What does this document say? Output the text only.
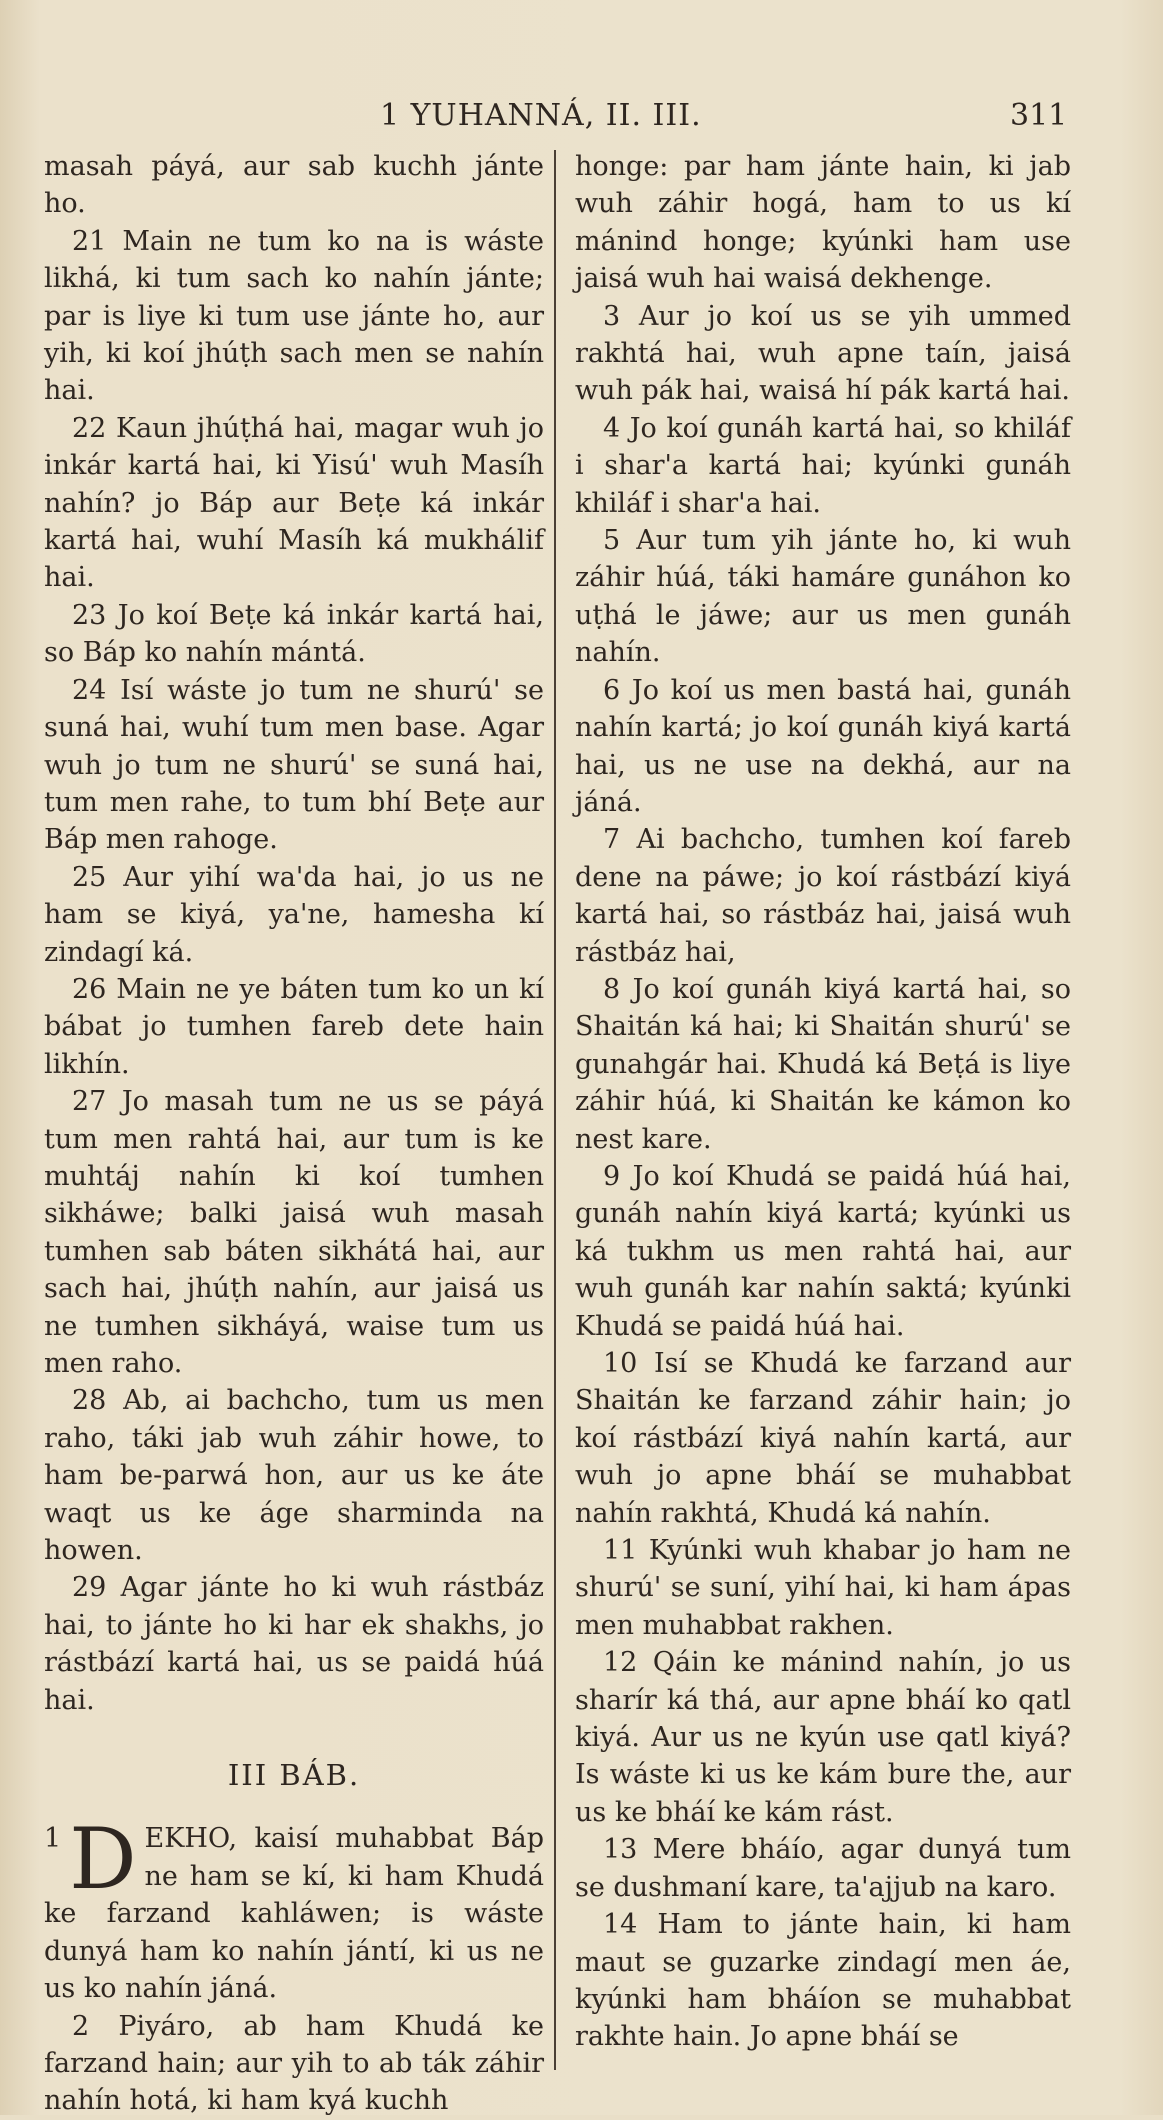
1 YUHANNÁ, II. III.	311

masah páyá, aur sab kuchh jánte ho.

21 Main ne tum ko na is wáste likhá, ki tum sach ko nahín jánte; par is liye ki tum use jánte ho, aur yih, ki koí jhúṭh sach men se nahín hai.

22 Kaun jhúṭhá hai, magar wuh jo inkár kartá hai, ki Yisú' wuh Masíh nahín? jo Báp aur Beṭe ká inkár kartá hai, wuhí Masíh ká mukhálif hai.

23 Jo koí Beṭe ká inkár kartá hai, so Báp ko nahín mántá.

24 Isí wáste jo tum ne shurú' se suná hai, wuhí tum men base. Agar wuh jo tum ne shurú' se suná hai, tum men rahe, to tum bhí Beṭe aur Báp men rahoge.

25 Aur yihí wa'da hai, jo us ne ham se kiyá, ya'ne, hamesha kí zindagí ká.

26 Main ne ye báten tum ko un kí bábat jo tumhen fareb dete hain likhín.

27 Jo masah tum ne us se páyá tum men rahtá hai, aur tum is ke muhtáj nahín ki koí tumhen sikháwe; balki jaisá wuh masah tumhen sab báten sikhátá hai, aur sach hai, jhúṭh nahín, aur jaisá us ne tumhen sikháyá, waise tum us men raho.

28 Ab, ai bachcho, tum us men raho, táki jab wuh záhir howe, to ham be-parwá hon, aur us ke áte waqt us ke áge sharminda na howen.

29 Agar jánte ho ki wuh rástbáz hai, to jánte ho ki har ek shakhs, jo rástbází kartá hai, us se paidá húá hai.

III BÁB.

1 D EKHO, kaisí muhabbat Báp ne ham se kí, ki ham Khudá ke farzand kahláwen; is wáste dunyá ham ko nahín jántí, ki us ne us ko nahín jáná.

2 Piyáro, ab ham Khudá ke farzand hain; aur yih to ab ták záhir nahín hotá, ki ham kyá kuchh

honge: par ham jánte hain, ki jab wuh záhir hogá, ham to us kí mánind honge; kyúnki ham use jaisá wuh hai waisá dekhenge.

3 Aur jo koí us se yih ummed rakhtá hai, wuh apne taín, jaisá wuh pák hai, waisá hí pák kartá hai.

4 Jo koí gunáh kartá hai, so khiláf i shar'a kartá hai; kyúnki gunáh khiláf i shar'a hai.

5 Aur tum yih jánte ho, ki wuh záhir húá, táki hamáre gunáhon ko uṭhá le jáwe; aur us men gunáh nahín.

6 Jo koí us men bastá hai, gunáh nahín kartá; jo koí gunáh kiyá kartá hai, us ne use na dekhá, aur na jáná.

7 Ai bachcho, tumhen koí fareb dene na páwe; jo koí rástbází kiyá kartá hai, so rástbáz hai, jaisá wuh rástbáz hai,

8 Jo koí gunáh kiyá kartá hai, so Shaitán ká hai; ki Shaitán shurú' se gunahgár hai. Khudá ká Beṭá is liye záhir húá, ki Shaitán ke kámon ko nest kare.

9 Jo koí Khudá se paidá húá hai, gunáh nahín kiyá kartá; kyúnki us ká tukhm us men rahtá hai, aur wuh gunáh kar nahín saktá; kyúnki Khudá se paidá húá hai.

10 Isí se Khudá ke farzand aur Shaitán ke farzand záhir hain; jo koí rástbází kiyá nahín kartá, aur wuh jo apne bháí se muhabbat nahín rakhtá, Khudá ká nahín.

11 Kyúnki wuh khabar jo ham ne shurú' se suní, yihí hai, ki ham ápas men muhabbat rakhen.

12 Qáin ke mánind nahín, jo us sharír ká thá, aur apne bháí ko qatl kiyá. Aur us ne kyún use qatl kiyá? Is wáste ki us ke kám bure the, aur us ke bháí ke kám rást.

13 Mere bháío, agar dunyá tum se dushmaní kare, ta'ajjub na karo.

14 Ham to jánte hain, ki ham maut se guzarke zindagí men áe, kyúnki ham bháíon se muhabbat rakhte hain. Jo apne bháí se
